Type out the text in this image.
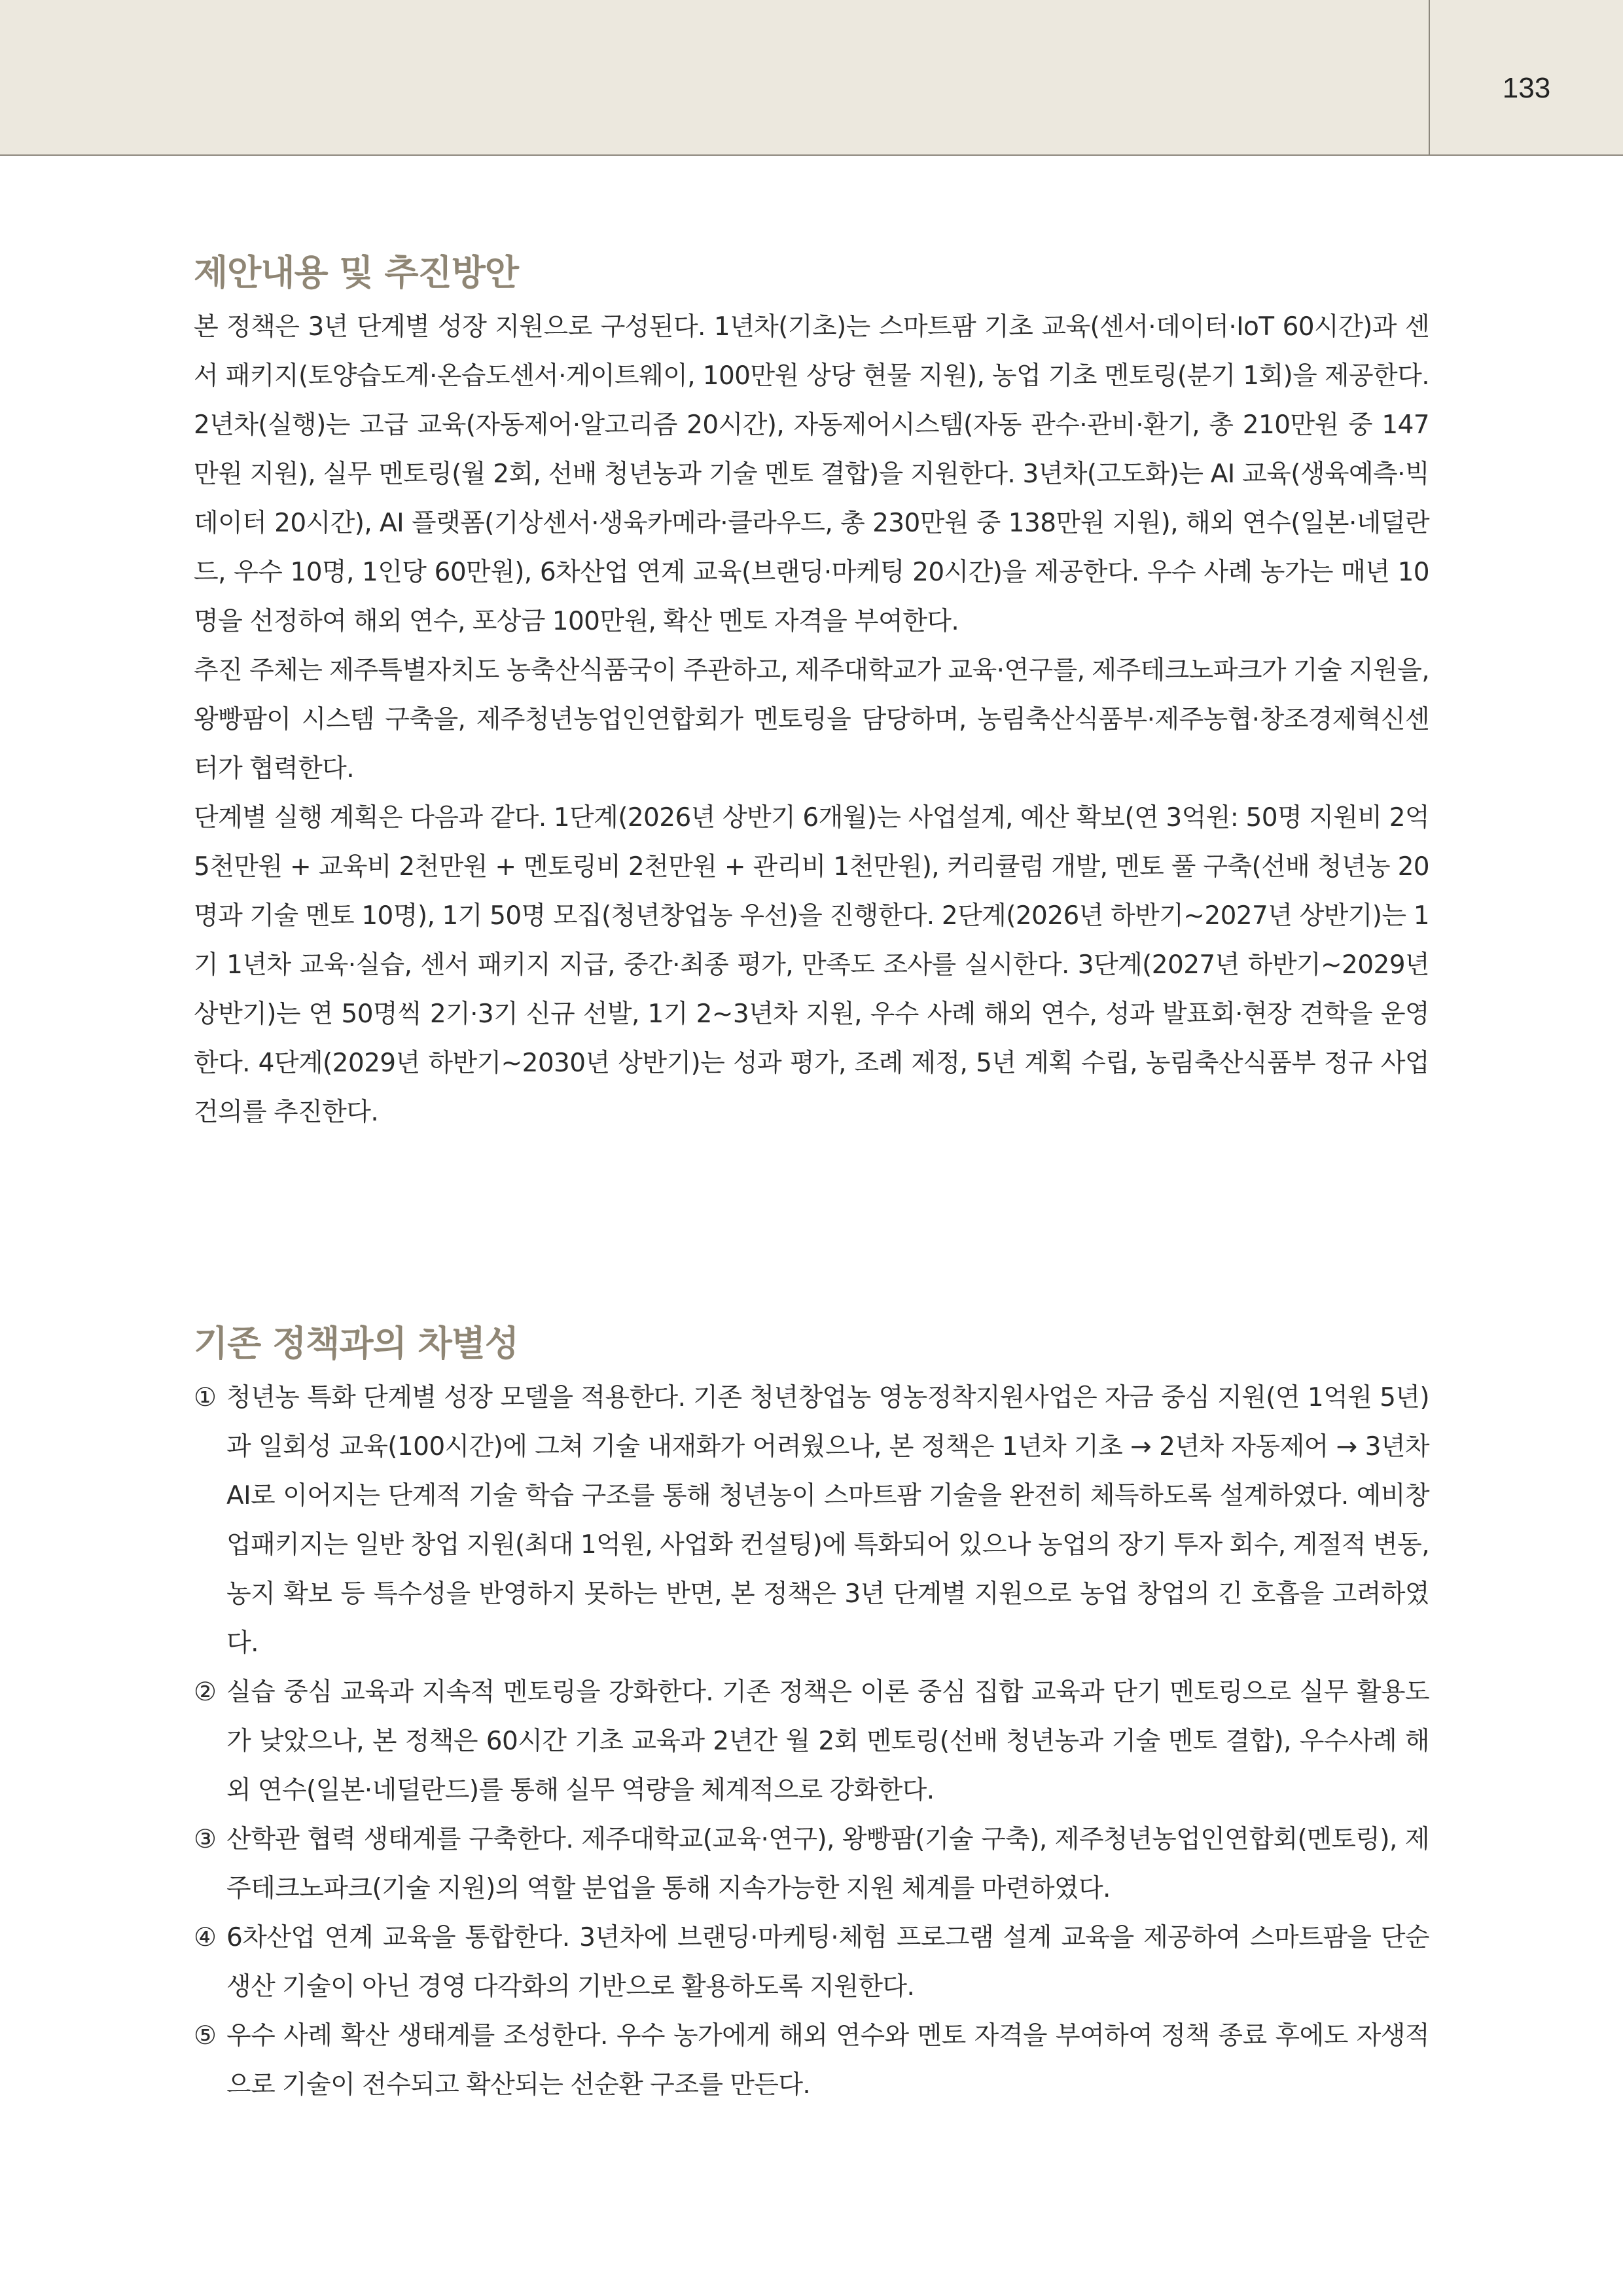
133
제안내용 및 추진방안

본 정책은 3년 단계별 성장 지원으로 구성된다. 1년차(기초)는 스마트팜 기초 교육(센서·데이터·IoT 60시간)과 센서 패키지(토양습도계·온습도센서·게이트웨이, 100만원 상당 현물 지원), 농업 기초 멘토링(분기 1회)을 제공한다. 2년차(실행)는 고급 교육(자동제어·알고리즘 20시간), 자동제어시스템(자동 관수·관비·환기, 총 210만원 중 147만원 지원), 실무 멘토링(월 2회, 선배 청년농과 기술 멘토 결합)을 지원한다. 3년차(고도화)는 AI 교육(생육예측·빅데이터 20시간), AI 플랫폼(기상센서·생육카메라·클라우드, 총 230만원 중 138만원 지원), 해외 연수(일본·네덜란드, 우수 10명, 1인당 60만원), 6차산업 연계 교육(브랜딩·마케팅 20시간)을 제공한다. 우수 사례 농가는 매년 10명을 선정하여 해외 연수, 포상금 100만원, 확산 멘토 자격을 부여한다.

추진 주체는 제주특별자치도 농축산식품국이 주관하고, 제주대학교가 교육·연구를, 제주테크노파크가 기술 지원을, 왕빵팜이 시스템 구축을, 제주청년농업인연합회가 멘토링을 담당하며, 농림축산식품부·제주농협·창조경제혁신센터가 협력한다.

단계별 실행 계획은 다음과 같다. 1단계(2026년 상반기 6개월)는 사업설계, 예산 확보(연 3억원: 50명 지원비 2억 5천만원 + 교육비 2천만원 + 멘토링비 2천만원 + 관리비 1천만원), 커리큘럼 개발, 멘토 풀 구축(선배 청년농 20명과 기술 멘토 10명), 1기 50명 모집(청년창업농 우선)을 진행한다. 2단계(2026년 하반기~2027년 상반기)는 1기 1년차 교육·실습, 센서 패키지 지급, 중간·최종 평가, 만족도 조사를 실시한다. 3단계(2027년 하반기~2029년 상반기)는 연 50명씩 2기·3기 신규 선발, 1기 2~3년차 지원, 우수 사례 해외 연수, 성과 발표회·현장 견학을 운영한다. 4단계(2029년 하반기~2030년 상반기)는 성과 평가, 조례 제정, 5년 계획 수립, 농림축산식품부 정규 사업 건의를 추진한다.

기존 정책과의 차별성
① 청년농 특화 단계별 성장 모델을 적용한다. 기존 청년창업농 영농정착지원사업은 자금 중심 지원(연 1억원 5년)과 일회성 교육(100시간)에 그쳐 기술 내재화가 어려웠으나, 본 정책은 1년차 기초 → 2년차 자동제어 → 3년차 AI로 이어지는 단계적 기술 학습 구조를 통해 청년농이 스마트팜 기술을 완전히 체득하도록 설계하였다. 예비창업패키지는 일반 창업 지원(최대 1억원, 사업화 컨설팅)에 특화되어 있으나 농업의 장기 투자 회수, 계절적 변동, 농지 확보 등 특수성을 반영하지 못하는 반면, 본 정책은 3년 단계별 지원으로 농업 창업의 긴 호흡을 고려하였다.
② 실습 중심 교육과 지속적 멘토링을 강화한다. 기존 정책은 이론 중심 집합 교육과 단기 멘토링으로 실무 활용도가 낮았으나, 본 정책은 60시간 기초 교육과 2년간 월 2회 멘토링(선배 청년농과 기술 멘토 결합), 우수사례 해외 연수(일본·네덜란드)를 통해 실무 역량을 체계적으로 강화한다.
③ 산학관 협력 생태계를 구축한다. 제주대학교(교육·연구), 왕빵팜(기술 구축), 제주청년농업인연합회(멘토링), 제주테크노파크(기술 지원)의 역할 분업을 통해 지속가능한 지원 체계를 마련하였다.
④ 6차산업 연계 교육을 통합한다. 3년차에 브랜딩·마케팅·체험 프로그램 설계 교육을 제공하여 스마트팜을 단순 생산 기술이 아닌 경영 다각화의 기반으로 활용하도록 지원한다.
⑤ 우수 사례 확산 생태계를 조성한다. 우수 농가에게 해외 연수와 멘토 자격을 부여하여 정책 종료 후에도 자생적으로 기술이 전수되고 확산되는 선순환 구조를 만든다.
